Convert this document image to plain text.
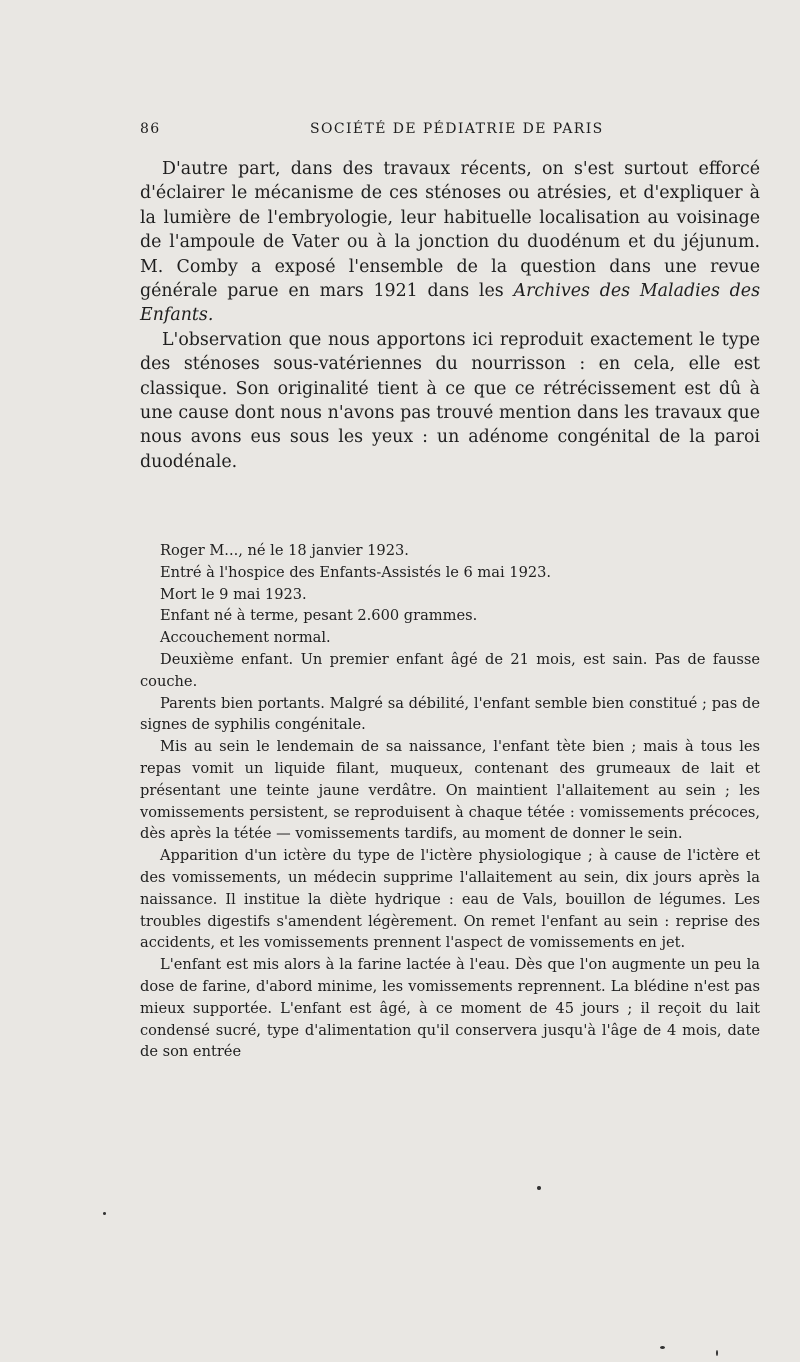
86	SOCIÉTÉ DE PÉDIATRIE DE PARIS

D'autre part, dans des travaux récents, on s'est surtout efforcé d'éclairer le mécanisme de ces sténoses ou atrésies, et d'expliquer à la lumière de l'embryologie, leur habituelle localisation au voisinage de l'ampoule de Vater ou à la jonction du duodénum et du jéjunum. M. Comby a exposé l'ensemble de la question dans une revue générale parue en mars 1921 dans les Archives des Maladies des Enfants.

L'observation que nous apportons ici reproduit exactement le type des sténoses sous-vatériennes du nourrisson : en cela, elle est classique. Son originalité tient à ce que ce rétrécissement est dû à une cause dont nous n'avons pas trouvé mention dans les travaux que nous avons eus sous les yeux : un adénome congénital de la paroi duodénale.

Roger M..., né le 18 janvier 1923.

Entré à l'hospice des Enfants-Assistés le 6 mai 1923.

Mort le 9 mai 1923.

Enfant né à terme, pesant 2.600 grammes.

Accouchement normal.

Deuxième enfant. Un premier enfant âgé de 21 mois, est sain. Pas de fausse couche.

Parents bien portants. Malgré sa débilité, l'enfant semble bien constitué ; pas de signes de syphilis congénitale.

Mis au sein le lendemain de sa naissance, l'enfant tète bien ; mais à tous les repas vomit un liquide filant, muqueux, contenant des grumeaux de lait et présentant une teinte jaune verdâtre. On maintient l'allaitement au sein ; les vomissements persistent, se reproduisent à chaque tétée : vomissements précoces, dès après la tétée — vomissements tardifs, au moment de donner le sein.

Apparition d'un ictère du type de l'ictère physiologique ; à cause de l'ictère et des vomissements, un médecin supprime l'allaitement au sein, dix jours après la naissance. Il institue la diète hydrique : eau de Vals, bouillon de légumes. Les troubles digestifs s'amendent légèrement. On remet l'enfant au sein : reprise des accidents, et les vomissements prennent l'aspect de vomissements en jet.

L'enfant est mis alors à la farine lactée à l'eau. Dès que l'on augmente un peu la dose de farine, d'abord minime, les vomissements reprennent. La blédine n'est pas mieux supportée. L'enfant est âgé, à ce moment de 45 jours ; il reçoit du lait condensé sucré, type d'alimentation qu'il conservera jusqu'à l'âge de 4 mois, date de son entrée
